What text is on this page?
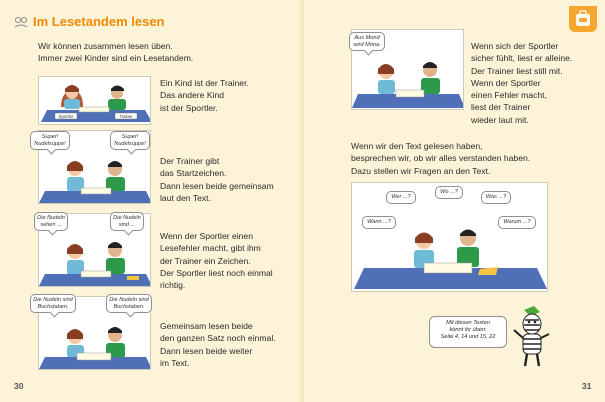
Im Lesetandem lesen
Wir können zusammen lesen üben.
Immer zwei Kinder sind ein Lesetandem.
Sportler	Trainer
Ein Kind ist der Trainer.
Das andere Kind
ist der Sportler.
Super!
Nudelsuppe!
Super!
Nudelsuppe!
Der Trainer gibt
das Startzeichen.
Dann lesen beide gemeinsam
laut den Text.
Die Nudeln
sehen ...
Die Nudeln
sind ...
Wenn der Sportler einen
Lesefehler macht, gibt ihm
der Trainer ein Zeichen.
Der Sportler liest noch einmal
richtig.
Die Nudeln sind
Buchstaben.
Die Nudeln sind
Buchstaben.
Gemeinsam lesen beide
den ganzen Satz noch einmal.
Dann lesen beide weiter
im Text.
30
Aus Mond
wird Mona.	Wenn sich der Sportler
sicher fühlt, liest er alleine.
Der Trainer liest still mit.
Wenn der Sportler
einen Fehler macht,
liest der Trainer
wieder laut mit.
Wenn wir den Text gelesen haben,
besprechen wir, ob wir alles verstanden haben.
Dazu stellen wir Fragen an den Text.
Wer ...?
Wo ...?
Was ...?
Wann ...?	Warum ...?
Mit diesen Texten
könnt ihr üben:
Seite 4, 14 und 15, 22
31
